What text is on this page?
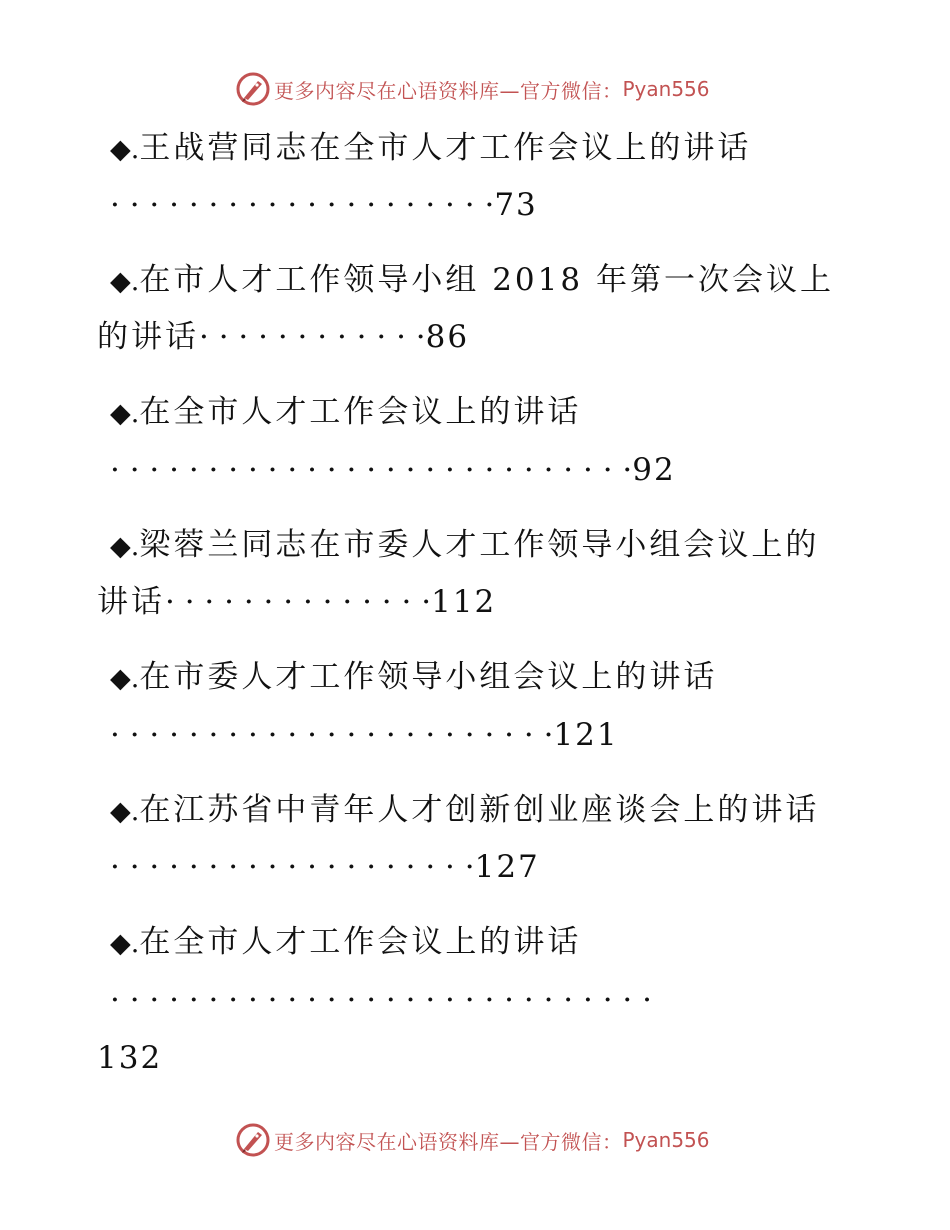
更多内容尽在心语资料库—官方微信： Pyan556
◆.王战营同志在全市人才工作会议上的讲话
· · · · · · · · · · · · · · · · · · · ·73
◆.在市人才工作领导小组 2018 年第一次会议上
的讲话· · · · · · · · · · · ·86
◆.在全市人才工作会议上的讲话
· · · · · · · · · · · · · · · · · · · · · · · · · · ·92
◆.梁蓉兰同志在市委人才工作领导小组会议上的
讲话· · · · · · · · · · · · · ·112
◆.在市委人才工作领导小组会议上的讲话
· · · · · · · · · · · · · · · · · · · · · · ·121
◆.在江苏省中青年人才创新创业座谈会上的讲话
· · · · · · · · · · · · · · · · · · ·127
◆.在全市人才工作会议上的讲话
· · · · · · · · · · · · · · · · · · · · · · · · · · · ·
132
更多内容尽在心语资料库—官方微信： Pyan556
